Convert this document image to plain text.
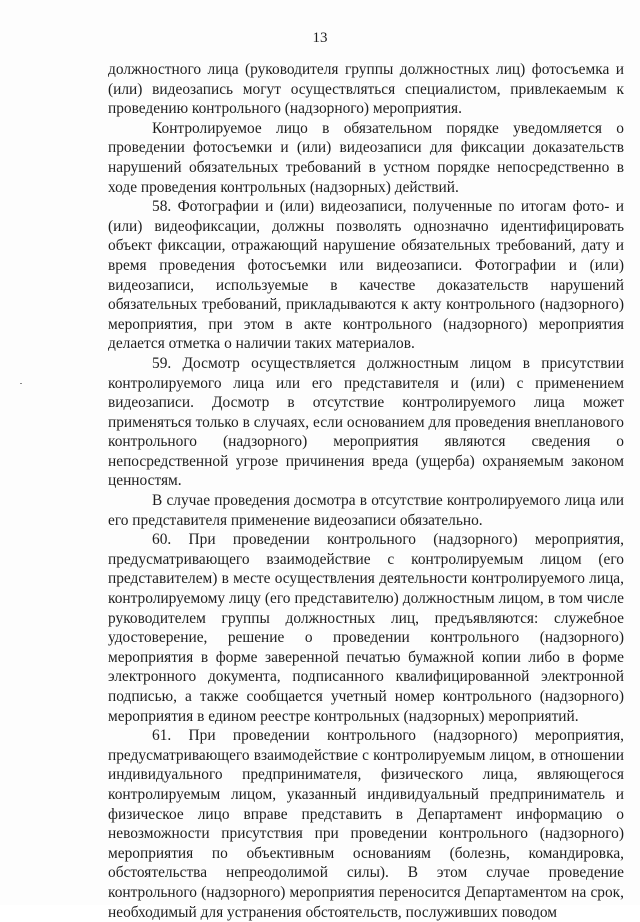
13

должностного лица (руководителя группы должностных лиц) фотосъемка и (или) видеозапись могут осуществляться специалистом, привлекаемым к проведению контрольного (надзорного) мероприятия.

Контролируемое лицо в обязательном порядке уведомляется о проведении фотосъемки и (или) видеозаписи для фиксации доказательств нарушений обязательных требований в устном порядке непосредственно в ходе проведения контрольных (надзорных) действий.

58. Фотографии и (или) видеозаписи, полученные по итогам фото- и (или) видеофиксации, должны позволять однозначно идентифицировать объект фиксации, отражающий нарушение обязательных требований, дату и время проведения фотосъемки или видеозаписи. Фотографии и (или) видеозаписи, используемые в качестве доказательств нарушений обязательных требований, прикладываются к акту контрольного (надзорного) мероприятия, при этом в акте контрольного (надзорного) мероприятия делается отметка о наличии таких материалов.

59. Досмотр осуществляется должностным лицом в присутствии контролируемого лица или его представителя и (или) с применением видеозаписи. Досмотр в отсутствие контролируемого лица может применяться только в случаях, если основанием для проведения внепланового контрольного (надзорного) мероприятия являются сведения о непосредственной угрозе причинения вреда (ущерба) охраняемым законом ценностям.

В случае проведения досмотра в отсутствие контролируемого лица или его представителя применение видеозаписи обязательно.

60. При проведении контрольного (надзорного) мероприятия, предусматривающего взаимодействие с контролируемым лицом (его представителем) в месте осуществления деятельности контролируемого лица, контролируемому лицу (его представителю) должностным лицом, в том числе руководителем группы должностных лиц, предъявляются: служебное удостоверение, решение о проведении контрольного (надзорного) мероприятия в форме заверенной печатью бумажной копии либо в форме электронного документа, подписанного квалифицированной электронной подписью, а также сообщается учетный номер контрольного (надзорного) мероприятия в едином реестре контрольных (надзорных) мероприятий.

61. При проведении контрольного (надзорного) мероприятия, предусматривающего взаимодействие с контролируемым лицом, в отношении индивидуального предпринимателя, физического лица, являющегося контролируемым лицом, указанный индивидуальный предприниматель и физическое лицо вправе представить в Департамент информацию о невозможности присутствия при проведении контрольного (надзорного) мероприятия по объективным основаниям (болезнь, командировка, обстоятельства непреодолимой силы). В этом случае проведение контрольного (надзорного) мероприятия переносится Департаментом на срок, необходимый для устранения обстоятельств, послуживших поводом
